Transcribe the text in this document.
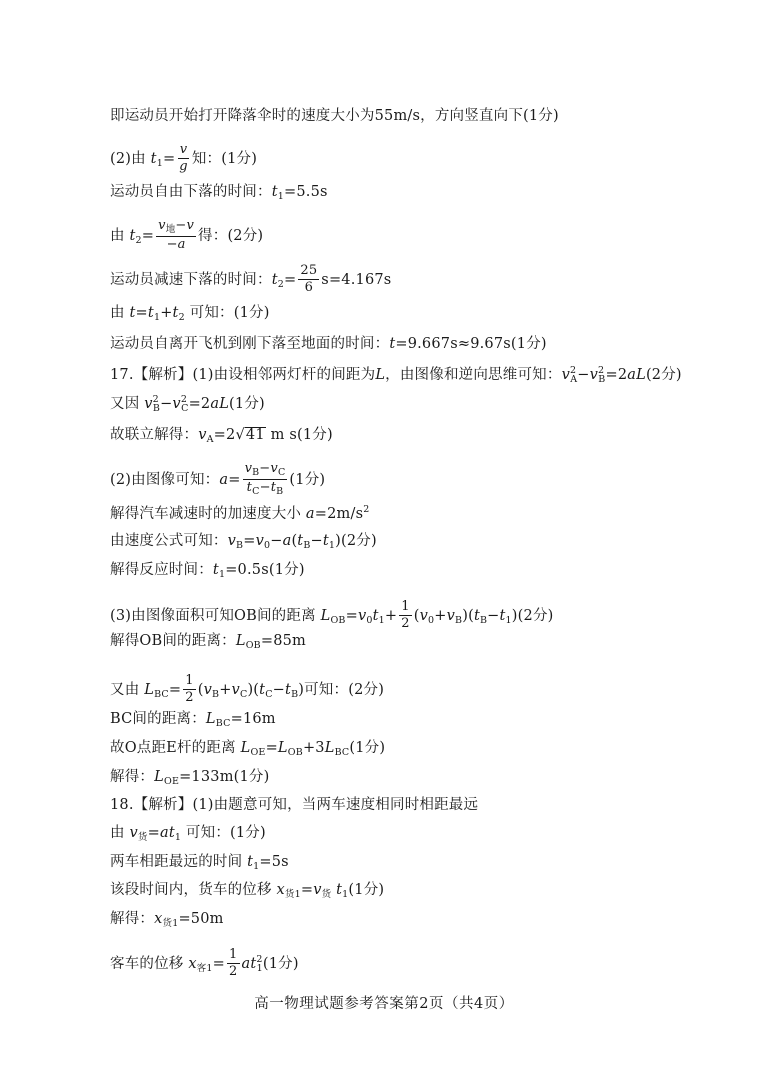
即运动员开始打开降落伞时的速度大小为55m/s，方向竖直向下(1分)
(2)由 $t_1= \frac{v}{g}$ 知：(1分)
运动员自由下落的时间：$t_1=5.5s$
由 $t_2= \frac{v_地-v}{-a}$ 得：(2分)
运动员减速下落的时间：$t_2= \frac{25}{6} s=4.167s$
由 $t=t_1+t_2$ 可知：(1分)
运动员自离开飞机到刚下落至地面的时间：t=9.667s≈9.67s(1分)
17.【解析】(1)由设相邻两灯杆的间距为L，由图像和逆向思维可知：$v^2_A-v^2_B=2aL(2$分)
又因 $v^2_B-v^2_C=2aL(1$分)
故联立解得：$v_A=2√41$ m s(1分)
(2)由图像可知：$a= \frac{v_B-v_C}{t_C-t_B} (1$分)
解得汽车减速时的加速度大小 $a=2m/s^2$
由速度公式可知：$v_B=v_0-a(t_B-t_1)(2$分)
解得反应时间：$t_1=0.5s(1$分)
(3)由图像面积可知OB间的距离 $L_{OB}=v_0t_1+ \frac{1}{2} (v_0+v_B)(t_B-t_1)(2$分)
解得OB间的距离：$L_{OB}=85m$
又由 $L_{BC}= \frac{1}{2} (v_B+v_C)(t_C-t_B)$可知：(2分)
BC间的距离：$L_{BC}=16m$
故O点距E杆的距离 $L_{OE}=L_{OB}+3L_{BC}(1$分)
解得：$L_{OE}=133m(1$分)
18.【解析】(1)由题意可知，当两车速度相同时相距最远
由 $v_货=at_1$ 可知：(1分)
两车相距最远的时间 $t_1=5s$
该段时间内，货车的位移 $x_{货1}=v_货$ $t_1(1$分)
解得：$x_{货1}=50m$
客车的位移 $x_{客1}= \frac{1}{2} at^2_1(1$分)
高一物理试题参考答案第2页（共4页）
